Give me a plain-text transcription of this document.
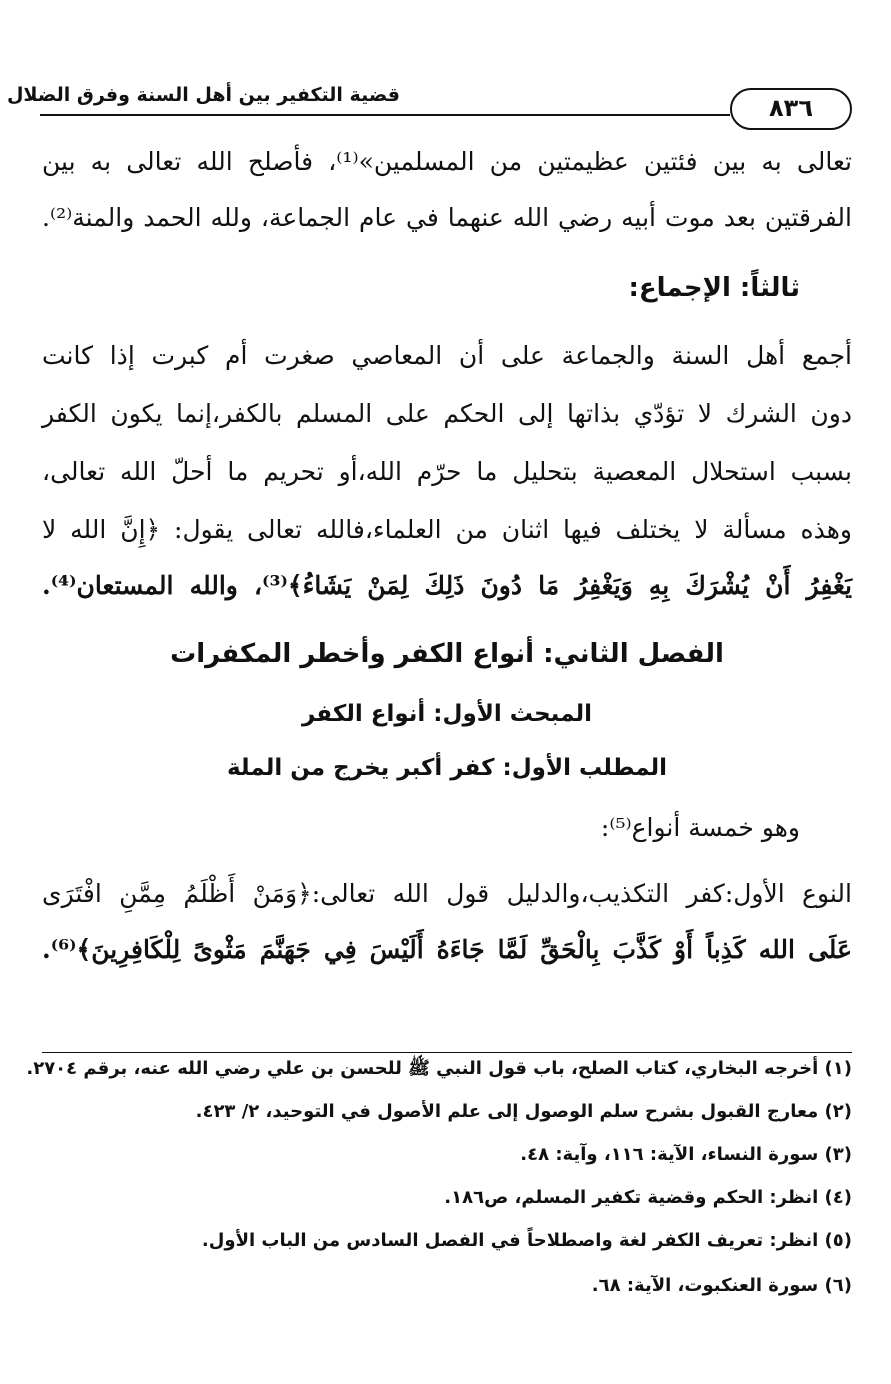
قضية التكفير بين أهل السنة وفرق الضلال	٨٣٦
تعالى به بين فئتين عظيمتين من المسلمين»⁽¹⁾، فأصلح الله تعالى به بين
الفرقتين بعد موت أبيه رضي الله عنهما في عام الجماعة، ولله الحمد والمنة⁽²⁾.
ثالثاً: الإجماع:
أجمع أهل السنة والجماعة على أن المعاصي صغرت أم كبرت إذا كانت
دون الشرك لا تؤدّي بذاتها إلى الحكم على المسلم بالكفر،إنما يكون الكفر
بسبب استحلال المعصية بتحليل ما حرّم الله،أو تحريم ما أحلّ الله تعالى،
وهذه مسألة لا يختلف فيها اثنان من العلماء،فالله تعالى يقول: ﴿إِنَّ الله لا
يَغْفِرُ أَنْ يُشْرَكَ بِهِ وَيَغْفِرُ مَا دُونَ ذَلِكَ لِمَنْ يَشَاءُ﴾⁽³⁾، والله المستعان⁽⁴⁾.
الفصل الثاني: أنواع الكفر وأخطر المكفرات
المبحث الأول: أنواع الكفر
المطلب الأول: كفر أكبر يخرج من الملة
وهو خمسة أنواع⁽⁵⁾:
النوع الأول:كفر التكذيب،والدليل قول الله تعالى:﴿وَمَنْ أَظْلَمُ مِمَّنِ افْتَرَى
عَلَى الله كَذِباً أَوْ كَذَّبَ بِالْحَقِّ لَمَّا جَاءَهُ أَلَيْسَ فِي جَهَنَّمَ مَثْوىً لِلْكَافِرِينَ﴾⁽⁶⁾.
(١) أخرجه البخاري، كتاب الصلح، باب قول النبي ﷺ للحسن بن علي رضي الله عنه، برقم ٢٧٠٤.
(٢) معارج القبول بشرح سلم الوصول إلى علم الأصول في التوحيد، ٢/ ٤٢٣.
(٣) سورة النساء، الآية: ١١٦، وآية: ٤٨.
(٤) انظر: الحكم وقضية تكفير المسلم، ص١٨٦.
(٥) انظر: تعريف الكفر لغة واصطلاحاً في الفصل السادس من الباب الأول.
(٦) سورة العنكبوت، الآية: ٦٨.
